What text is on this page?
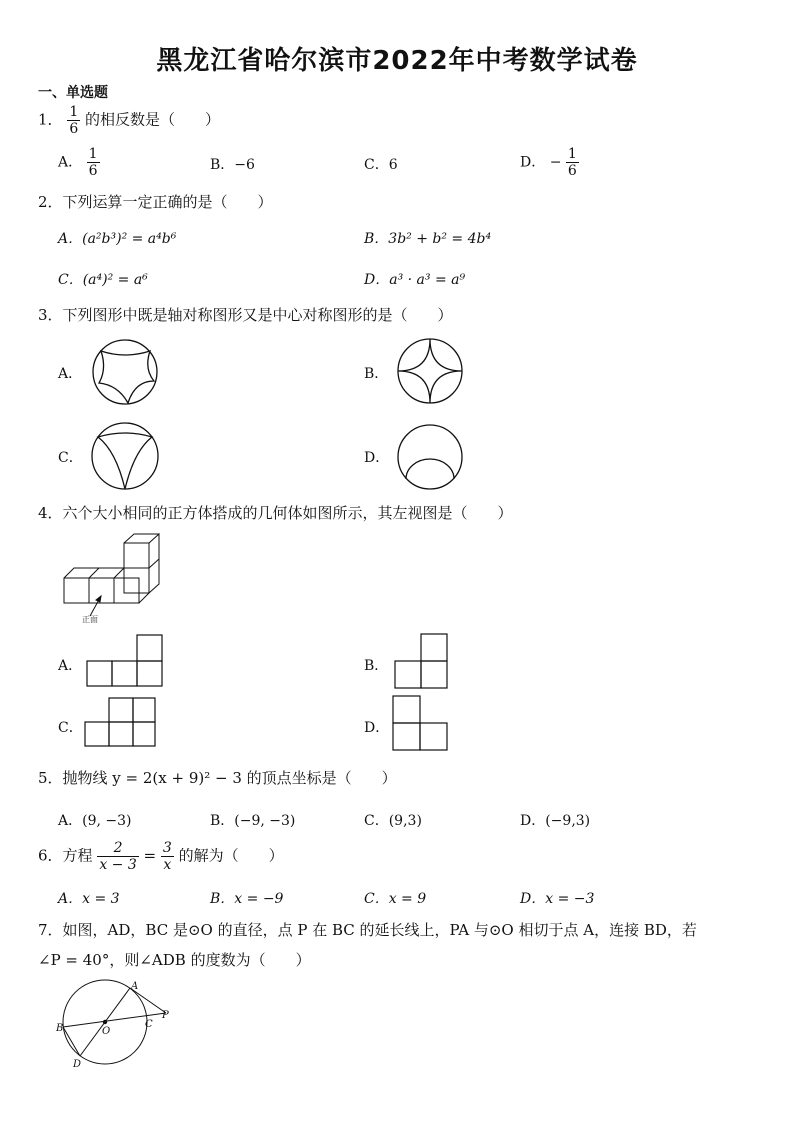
黑龙江省哈尔滨市2022年中考数学试卷
一、单选题
1． $\frac{1}{6}$ 的相反数是（　　）
A． $\frac{1}{6}$	B．−6	C．6	D． − $\frac{1}{6}$
2．下列运算一定正确的是（　　）
A．(a²b³)² = a⁴b⁶	B．3b² + b² = 4b⁴
C．(a⁴)² = a⁶	D．a³ · a³ = a⁹
3．下列图形中既是轴对称图形又是中心对称图形的是（　　）
A．	B．
C．	D．
4．六个大小相同的正方体搭成的几何体如图所示，其左视图是（　　）
正面
A．	B．
C．	D．
5．抛物线 y = 2(x + 9)² − 3 的顶点坐标是（　　）
A．(9, −3)	B．(−9, −3)	C．(9,3)	D．(−9,3)
6．方程 $\frac{2}{x - 3} = \frac{3}{x}$ 的解为（　　）
A．x = 3	B．x = −9	C．x = 9	D．x = −3
7．如图，AD，BC 是⊙O 的直径，点 P 在 BC 的延长线上，PA 与⊙O 相切于点 A，连接 BD，若
∠P = 40°，则∠ADB 的度数为（　　）
A
B	C
D
O
P
